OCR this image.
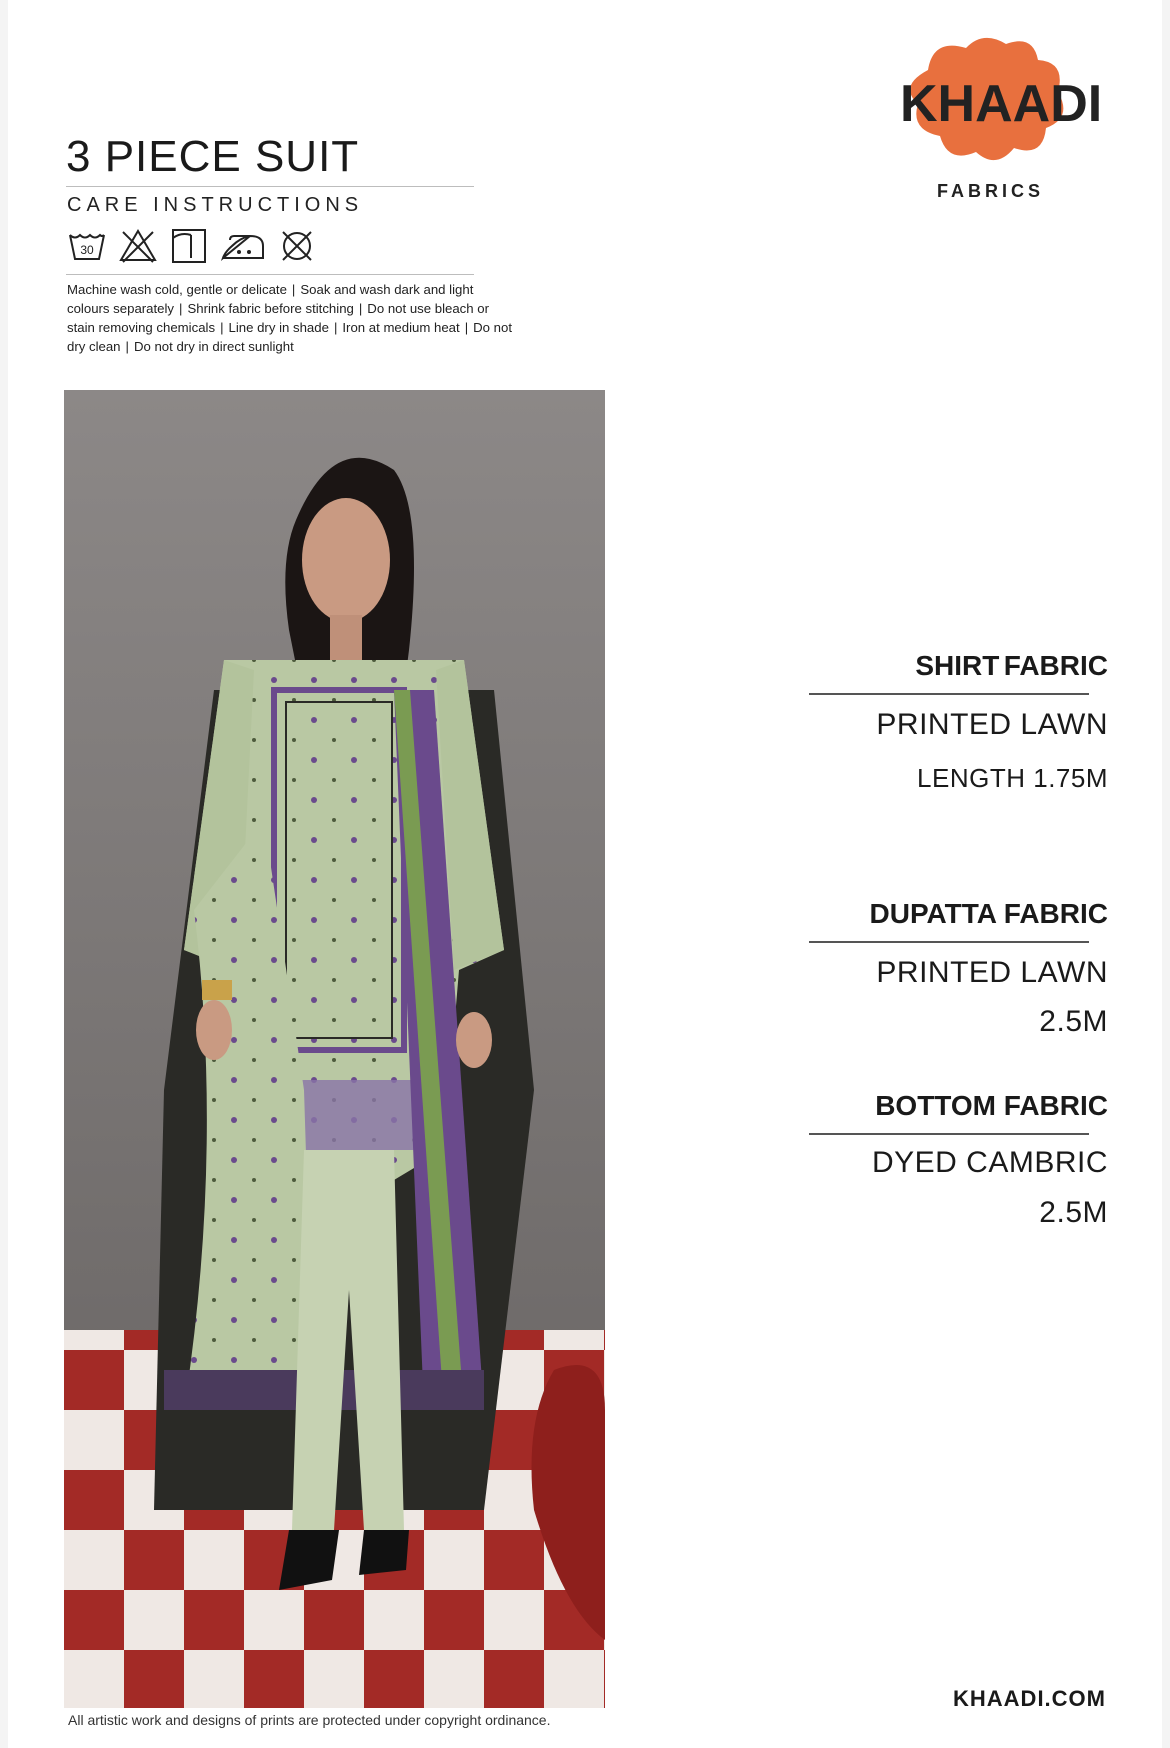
3 PIECE SUIT
CARE INSTRUCTIONS
30
Machine wash cold, gentle or delicate | Soak and wash dark and light colours separately | Shrink fabric before stitching | Do not use bleach or stain removing chemicals | Line dry in shade | Iron at medium heat | Do not dry clean | Do not dry in direct sunlight
KHAADI
FABRICS
SHIRT FABRIC
PRINTED LAWN
LENGTH 1.75M
DUPATTA FABRIC
PRINTED LAWN
2.5M
BOTTOM FABRIC
DYED CAMBRIC
2.5M
KHAADI.COM
All artistic work and designs of prints are protected under copyright ordinance.
